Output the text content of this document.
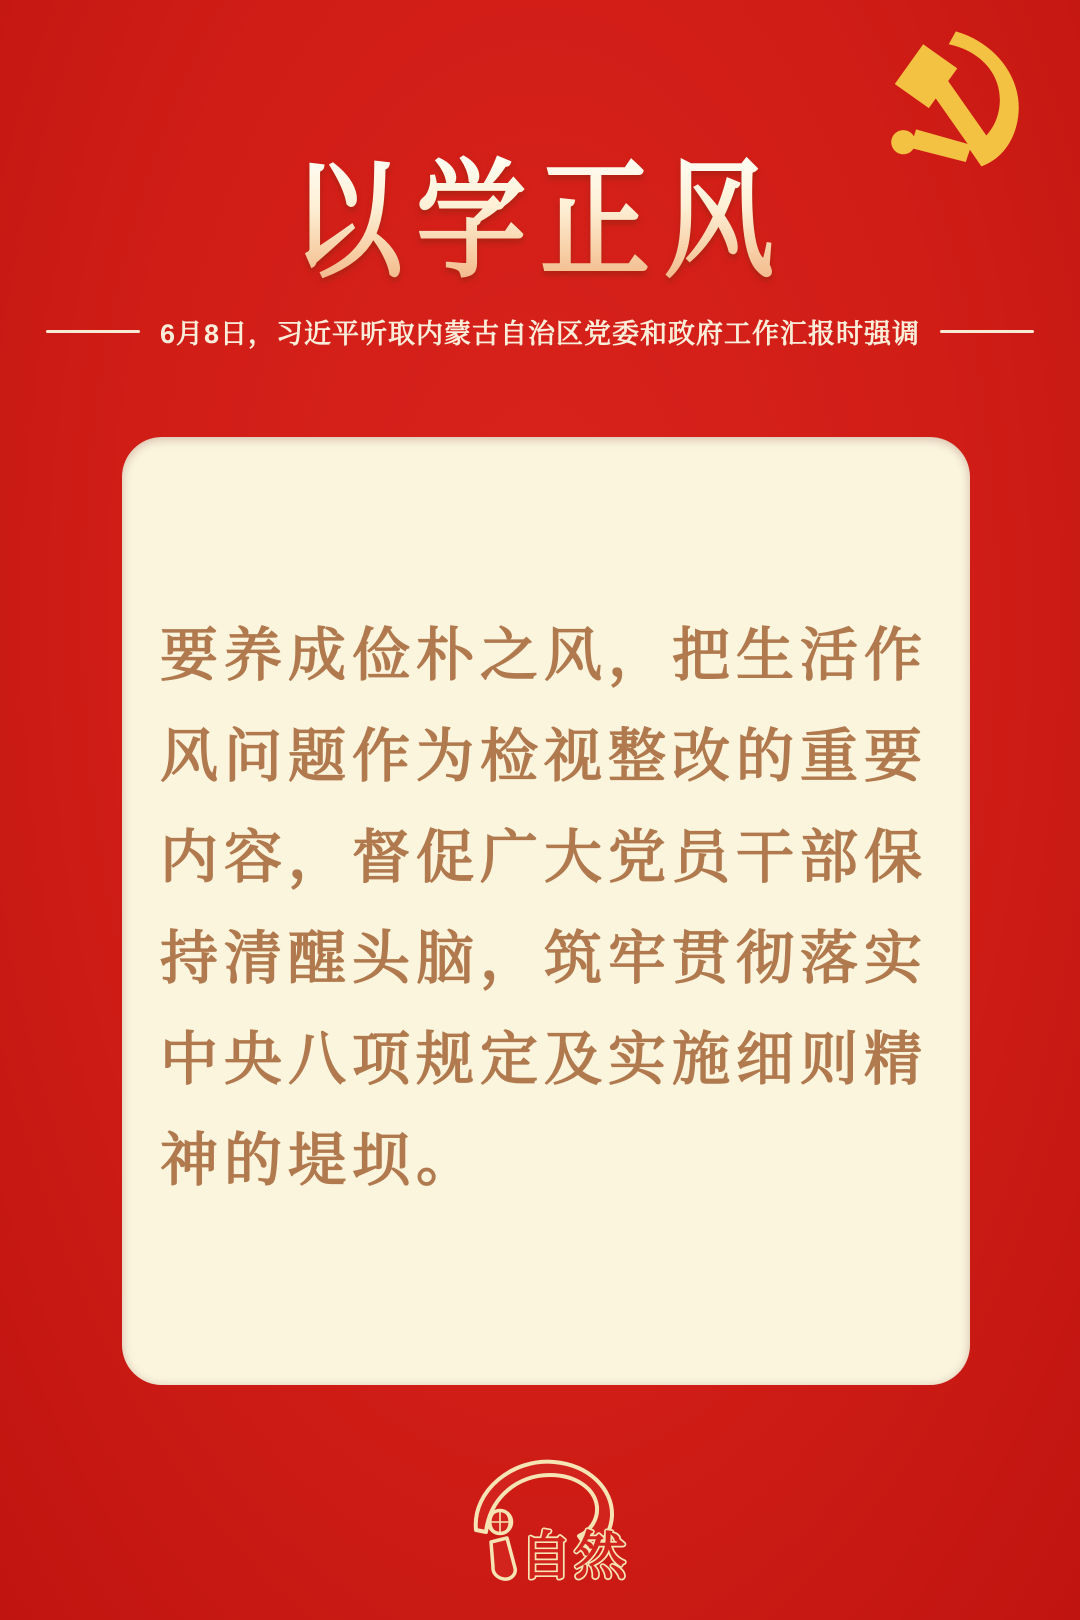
以学正风
6月8日，习近平听取内蒙古自治区党委和政府工作汇报时强调
要养成俭朴之风，把生活作
风问题作为检视整改的重要
内容，督促广大党员干部保
持清醒头脑，筑牢贯彻落实
中央八项规定及实施细则精
神的堤坝。
自然
